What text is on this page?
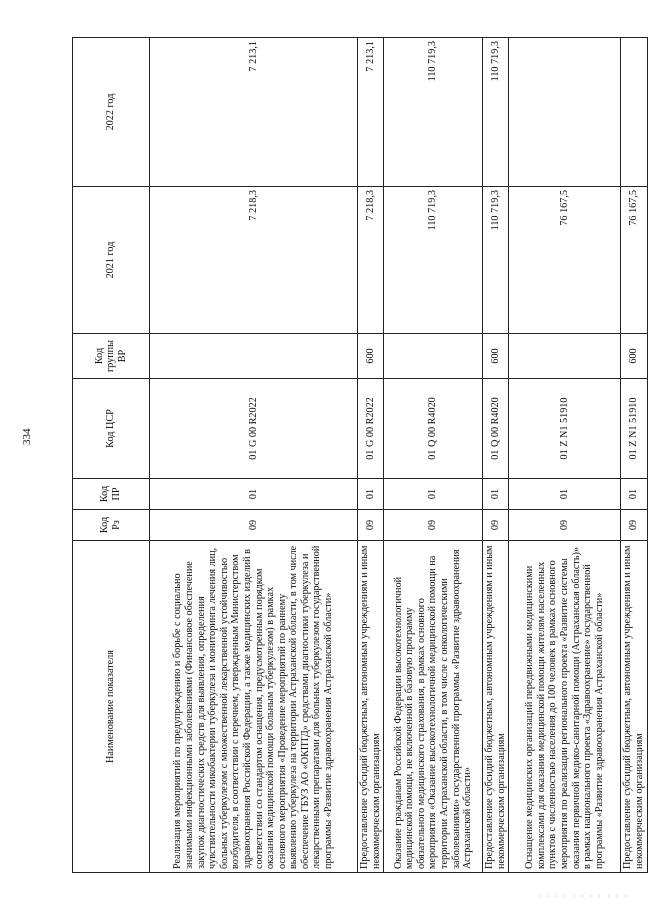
334
Наименование показателя	Код Рз	Код ПР	Код ЦСР	Код группы ВР	2021 год	2022 год
Реализация мероприятий по предупреждению и борьбе с социально значимыми инфекционными заболеваниями (Финансовое обеспечение закупок диагностических средств для выявления, определения чувствительности микобактерии туберкулеза и мониторинга лечения лиц, больных туберкулезом с множественной лекарственной устойчивостью возбудителя, в соответствии с перечнем, утвержденным Министерством здравоохранения Российской Федерации, а также медицинских изделий в соответствии со стандартом оснащения, предусмотренным порядком оказания медицинской помощи больным туберкулезом) в рамках основного мероприятия «Проведение мероприятий по раннему выявлению туберкулеза на территории Астраханской области, в том числе обеспечение ГБУЗ АО «ОКПТД» средствами диагностики туберкулеза и лекарственными препаратами для больных туберкулезом государственной программы «Развитие здравоохранения Астраханской области»	09	01	01 G 00 R2022		7 218,3	7 213,1
Предоставление субсидий бюджетным, автономным учреждениям и иным некоммерческим организациям	09	01	01 G 00 R2022	600	7 218,3	7 213,1
Оказание гражданам Российской Федерации высокотехнологичной медицинской помощи, не включенной в базовую программу обязательного медицинского страхования, в рамках основного мероприятия «Оказание высокотехнологичной медицинской помощи на территории Астраханской области, в том числе с онкологическими заболеваниями» государственной программы «Развитие здравоохранения Астраханской области»	09	01	01 Q 00 R4020		110 719,3	110 719,3
Предоставление субсидий бюджетным, автономным учреждениям и иным некоммерческим организациям	09	01	01 Q 00 R4020	600	110 719,3	110 719,3
Оснащение медицинских организаций передвижными медицинскими комплексами для оказания медицинской помощи жителям населенных пунктов с численностью населения до 100 человек в рамках основного мероприятия по реализации регионального проекта «Развитие системы оказания первичной медико-санитарной помощи (Астраханская область)» в рамках национального проекта «Здравоохранение» государственной программы «Развитие здравоохранения Астраханской области»	09	01	01 Z N1 51910		76 167,5	
Предоставление субсидий бюджетным, автономным учреждениям и иным некоммерческим организациям	09	01	01 Z N1 51910	600	76 167,5	
· · · · · · · · · · ·
